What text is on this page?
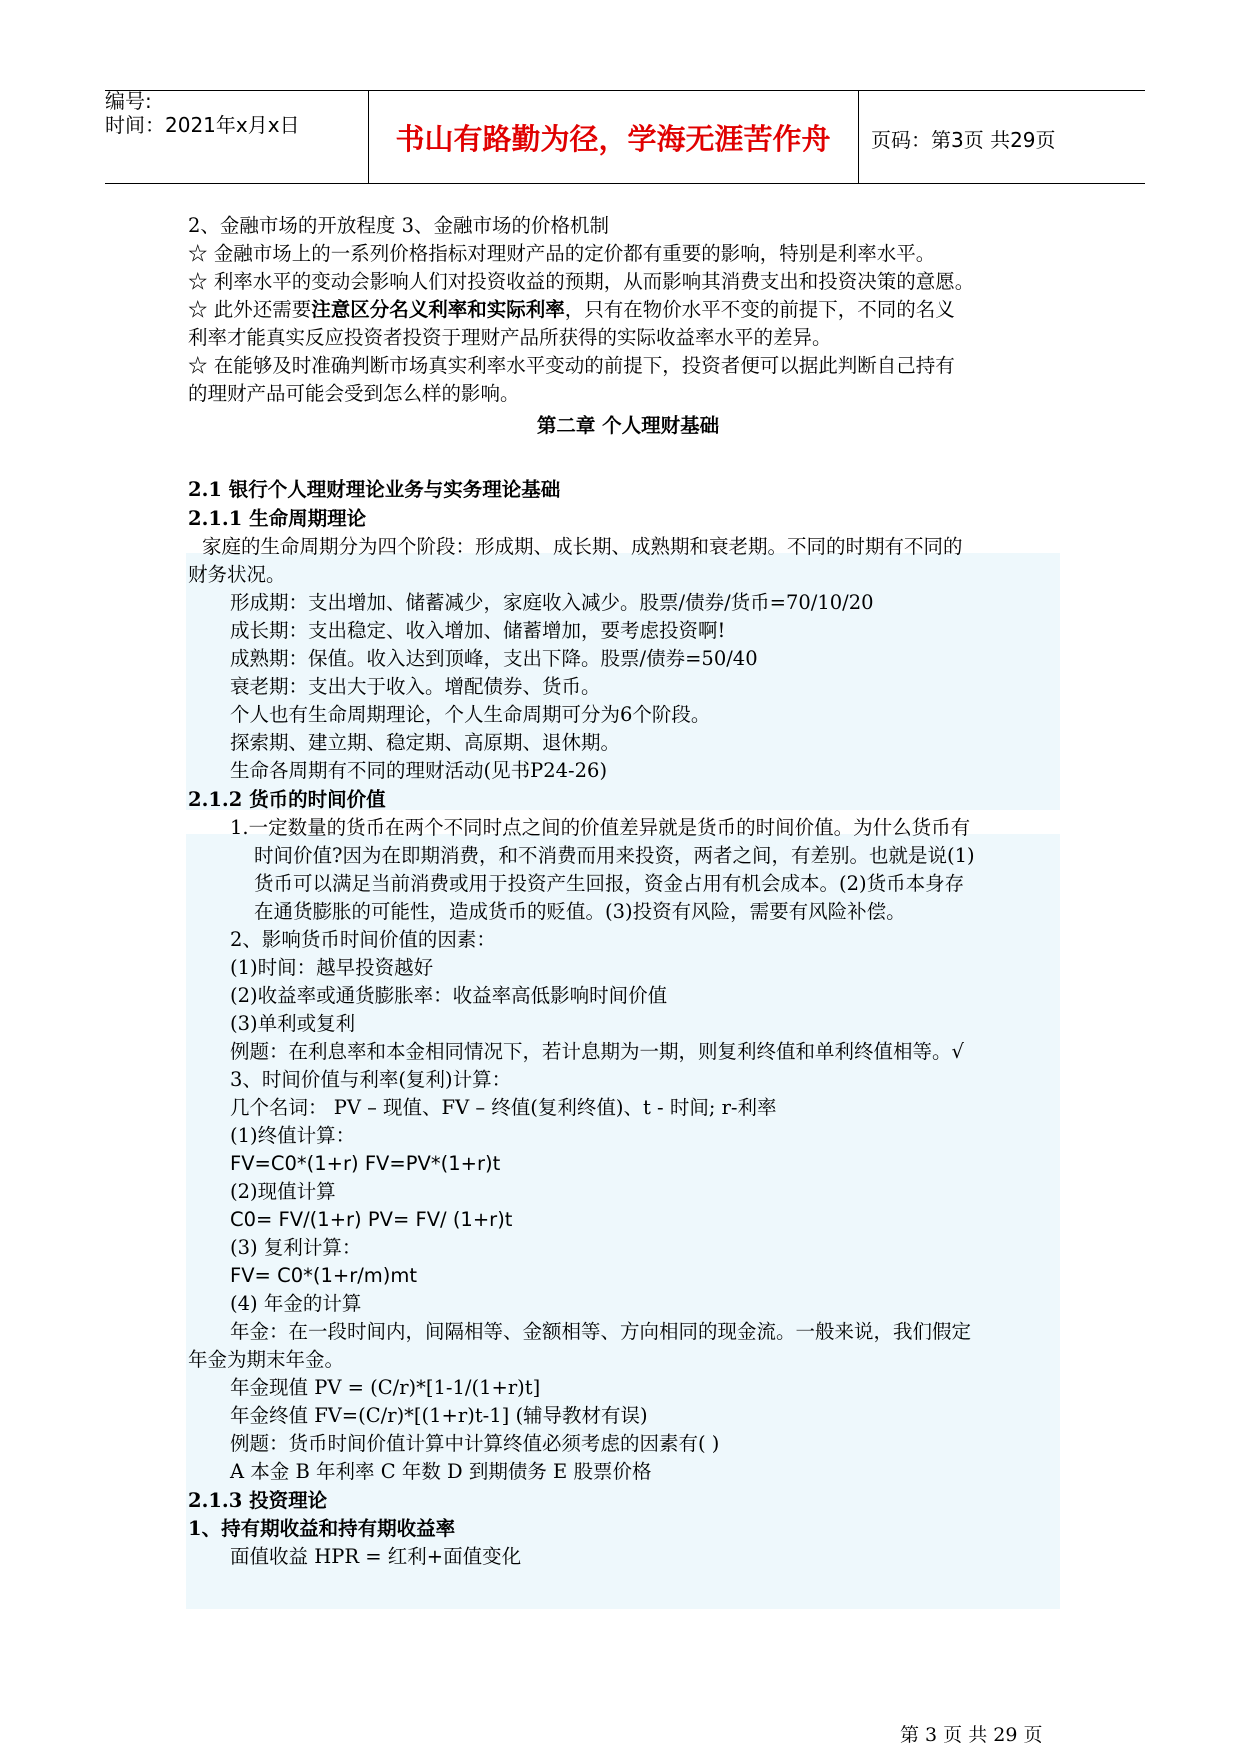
编号:
时间：2021年x月x日	书山有路勤为径，学海无涯苦作舟	页码：第3页 共29页
2、金融市场的开放程度 3、金融市场的价格机制
☆ 金融市场上的一系列价格指标对理财产品的定价都有重要的影响，特别是利率水平。
☆ 利率水平的变动会影响人们对投资收益的预期，从而影响其消费支出和投资决策的意愿。
☆ 此外还需要注意区分名义利率和实际利率，只有在物价水平不变的前提下，不同的名义
利率才能真实反应投资者投资于理财产品所获得的实际收益率水平的差异。
☆ 在能够及时准确判断市场真实利率水平变动的前提下，投资者便可以据此判断自己持有
的理财产品可能会受到怎么样的影响。
第二章 个人理财基础
2.1 银行个人理财理论业务与实务理论基础
2.1.1 生命周期理论
家庭的生命周期分为四个阶段：形成期、成长期、成熟期和衰老期。不同的时期有不同的
财务状况。
形成期：支出增加、储蓄减少，家庭收入减少。股票/债券/货币=70/10/20
成长期：支出稳定、收入增加、储蓄增加，要考虑投资啊!
成熟期：保值。收入达到顶峰，支出下降。股票/债券=50/40
衰老期：支出大于收入。增配债券、货币。
个人也有生命周期理论，个人生命周期可分为6个阶段。
探索期、建立期、稳定期、高原期、退休期。
生命各周期有不同的理财活动(见书P24-26)
2.1.2 货币的时间价值
1.一定数量的货币在两个不同时点之间的价值差异就是货币的时间价值。为什么货币有
时间价值?因为在即期消费，和不消费而用来投资，两者之间，有差别。也就是说(1)
货币可以满足当前消费或用于投资产生回报，资金占用有机会成本。(2)货币本身存
在通货膨胀的可能性，造成货币的贬值。(3)投资有风险，需要有风险补偿。
2、影响货币时间价值的因素：
(1)时间：越早投资越好
(2)收益率或通货膨胀率：收益率高低影响时间价值
(3)单利或复利
例题：在利息率和本金相同情况下，若计息期为一期，则复利终值和单利终值相等。√
3、时间价值与利率(复利)计算：
几个名词： PV – 现值、FV – 终值(复利终值)、t - 时间; r-利率
(1)终值计算：
FV=C0*(1+r) FV=PV*(1+r)t
(2)现值计算
C0= FV/(1+r) PV= FV/ (1+r)t
(3) 复利计算：
FV= C0*(1+r/m)mt
(4) 年金的计算
年金：在一段时间内，间隔相等、金额相等、方向相同的现金流。一般来说，我们假定
年金为期末年金。
年金现值 PV = (C/r)*[1-1/(1+r)t]
年金终值 FV=(C/r)*[(1+r)t-1] (辅导教材有误)
例题：货币时间价值计算中计算终值必须考虑的因素有( )
A 本金 B 年利率 C 年数 D 到期债务 E 股票价格
2.1.3 投资理论
1、持有期收益和持有期收益率
面值收益 HPR = 红利+面值变化
第 3 页 共 29 页
